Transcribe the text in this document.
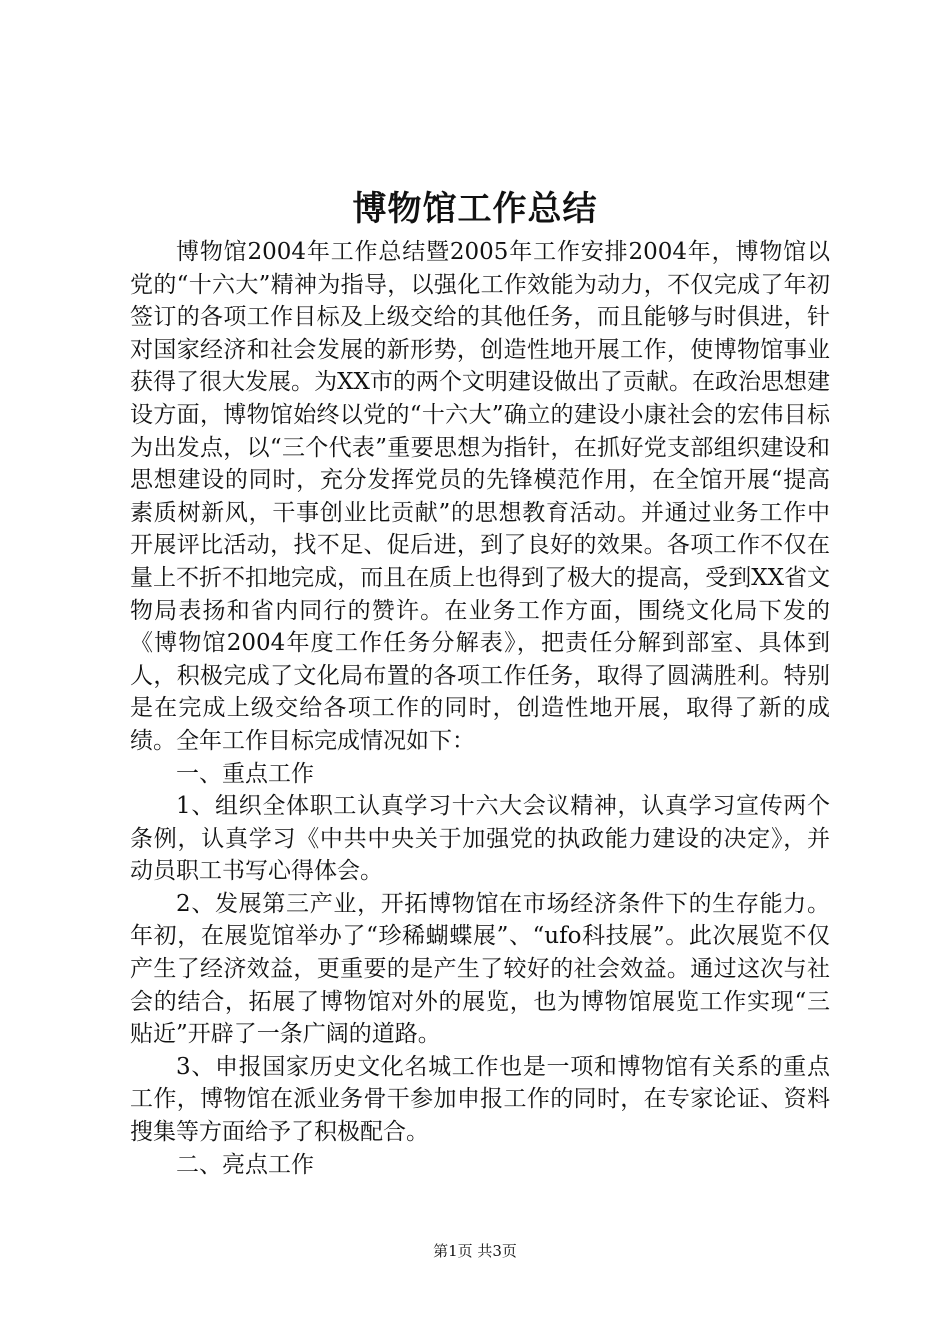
博物馆工作总结

博物馆2004年工作总结暨2005年工作安排2004年，博物馆以党的“十六大”精神为指导，以强化工作效能为动力，不仅完成了年初签订的各项工作目标及上级交给的其他任务，而且能够与时俱进，针对国家经济和社会发展的新形势，创造性地开展工作，使博物馆事业获得了很大发展。为XX市的两个文明建设做出了贡献。在政治思想建设方面，博物馆始终以党的“十六大”确立的建设小康社会的宏伟目标为出发点，以“三个代表”重要思想为指针，在抓好党支部组织建设和思想建设的同时，充分发挥党员的先锋模范作用，在全馆开展“提高素质树新风，干事创业比贡献”的思想教育活动。并通过业务工作中开展评比活动，找不足、促后进，到了良好的效果。各项工作不仅在量上不折不扣地完成，而且在质上也得到了极大的提高，受到XX省文物局表扬和省内同行的赞许。在业务工作方面，围绕文化局下发的《博物馆2004年度工作任务分解表》，把责任分解到部室、具体到人，积极完成了文化局布置的各项工作任务，取得了圆满胜利。特别是在完成上级交给各项工作的同时，创造性地开展，取得了新的成绩。全年工作目标完成情况如下：

一、重点工作

1、组织全体职工认真学习十六大会议精神，认真学习宣传两个条例，认真学习《中共中央关于加强党的执政能力建设的决定》，并动员职工书写心得体会。

2、发展第三产业，开拓博物馆在市场经济条件下的生存能力。年初，在展览馆举办了“珍稀蝴蝶展”、“ufo科技展”。此次展览不仅产生了经济效益，更重要的是产生了较好的社会效益。通过这次与社会的结合，拓展了博物馆对外的展览，也为博物馆展览工作实现“三贴近”开辟了一条广阔的道路。

3、申报国家历史文化名城工作也是一项和博物馆有关系的重点工作，博物馆在派业务骨干参加申报工作的同时，在专家论证、资料搜集等方面给予了积极配合。

二、亮点工作

第1页 共3页
